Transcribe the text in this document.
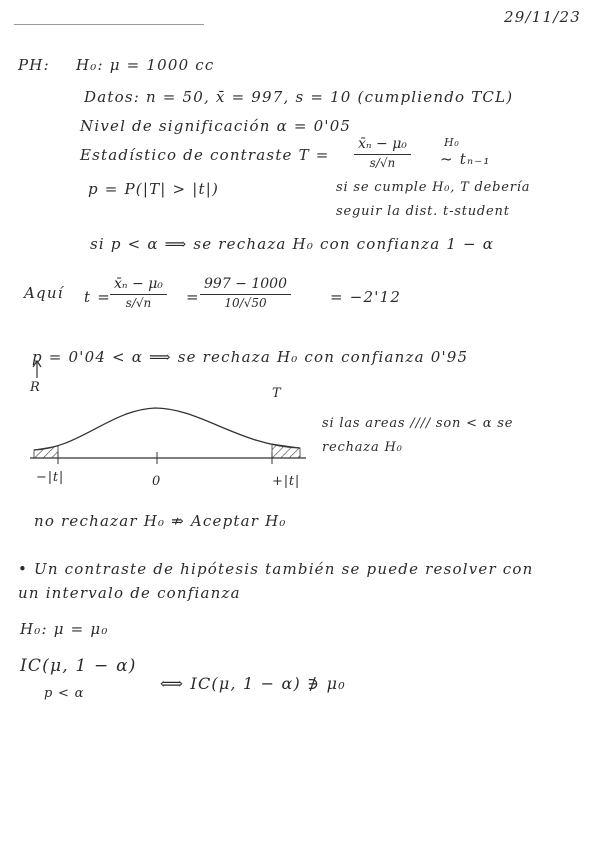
29/11/23
PH: H₀: μ = 1000 cc
Datos: n = 50, x̄ = 997, s = 10 (cumpliendo TCL)
Nivel de significación α = 0'05
Estadístico de contraste $T = \frac{\text{x̄ₙ − μ₀}}{s/√n}$	H₀
~ tₙ₋₁
p = P(|T| > |t|)	si se cumple H₀, T debería
seguir la dist. t-student
si p < α ⟹ se rechaza H₀ con confianza 1 − α
Aquí $t = \frac{\text{x̄ₙ − μ₀}}{s/√n} = \frac{997 - 1000}{10/√50}$	= −2'12
p = 0'04 < α ⟹ se rechaza H₀ con confianza 0'95
R	T
si las areas //// son < α se
rechaza H₀
−|t|	0	+|t|
no rechazar H₀ ⇏ Aceptar H₀
• Un contraste de hipótesis también se puede resolver con
un intervalo de confianza
H₀: μ = μ₀
IC(μ, 1 − α)
⟺ IC(μ, 1 − α) ∌ μ₀
p < α
